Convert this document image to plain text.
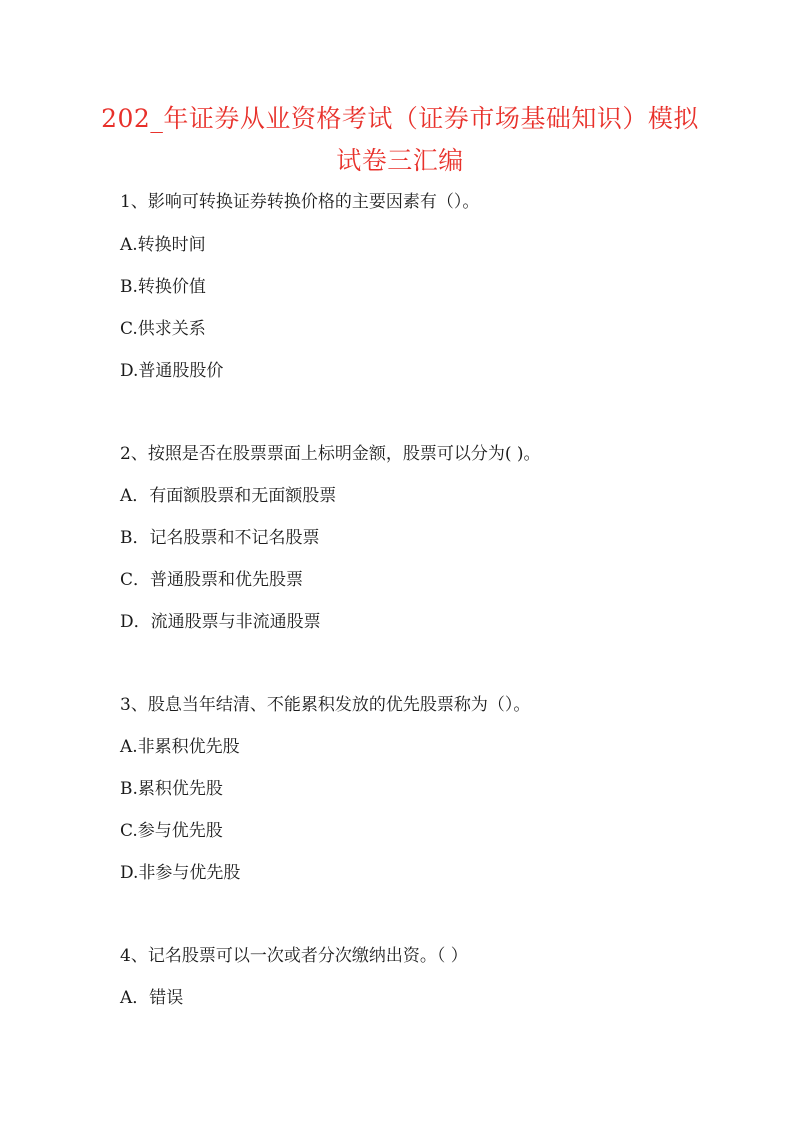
202_年证券从业资格考试（证券市场基础知识）模拟
试卷三汇编

1、影响可转换证券转换价格的主要因素有（）。

A.转换时间

B.转换价值

C.供求关系

D.普通股股价

2、按照是否在股票票面上标明金额，股票可以分为( )。

A．有面额股票和无面额股票

B．记名股票和不记名股票

C．普通股票和优先股票

D．流通股票与非流通股票

3、股息当年结清、不能累积发放的优先股票称为（）。

A.非累积优先股

B.累积优先股

C.参与优先股

D.非参与优先股

4、记名股票可以一次或者分次缴纳出资。（ ）

A．错误
